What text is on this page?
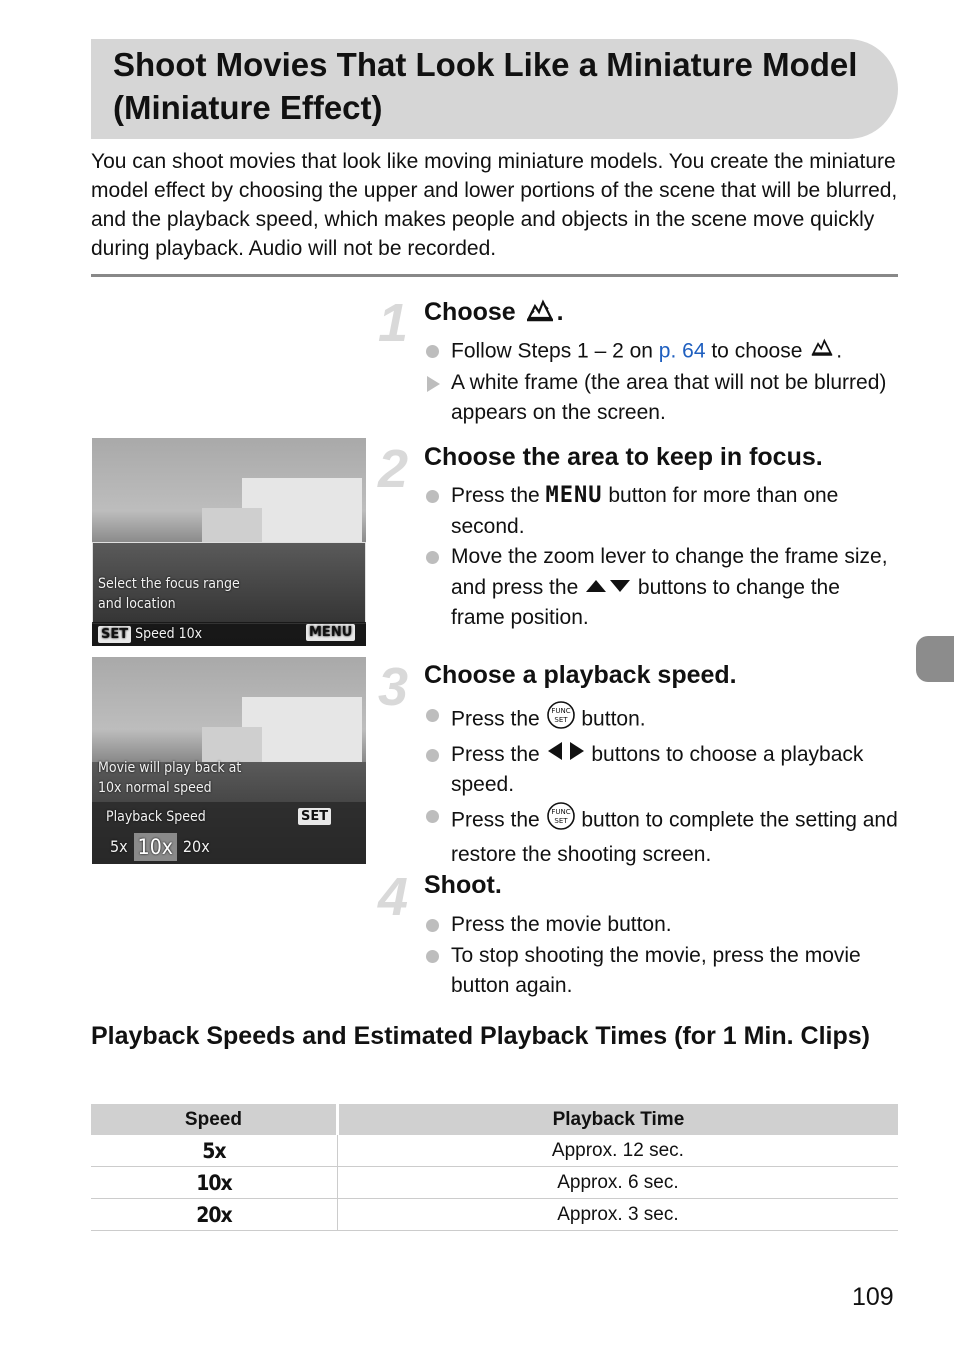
Shoot Movies That Look Like a Miniature Model (Miniature Effect)

You can shoot movies that look like moving miniature models. You create the miniature model effect by choosing the upper and lower portions of the scene that will be blurred, and the playback speed, which makes people and objects in the scene move quickly during playback. Audio will not be recorded.

1 Choose .
Follow Steps 1 – 2 on p. 64 to choose .
A white frame (the area that will not be blurred) appears on the screen.
Select the focus range
and location
SET Speed 10x	MENU
2 Choose the area to keep in focus.
Press the MENU button for more than one second.
Move the zoom lever to change the frame size, and press the  buttons to change the frame position.
Movie will play back at
10x normal speed
Playback Speed	SET
5x 10x 20x
3 Choose a playback speed.
Press the FUNC
SET button.
Press the  buttons to choose a playback speed.
Press the FUNC
SET button to complete the setting and restore the shooting screen.
4 Shoot.
Press the movie button.
To stop shooting the movie, press the movie button again.
Playback Speeds and Estimated Playback Times (for 1 Min. Clips)
Speed	Playback Time
5x	Approx. 12 sec.
10x	Approx. 6 sec.
20x	Approx. 3 sec.
109
